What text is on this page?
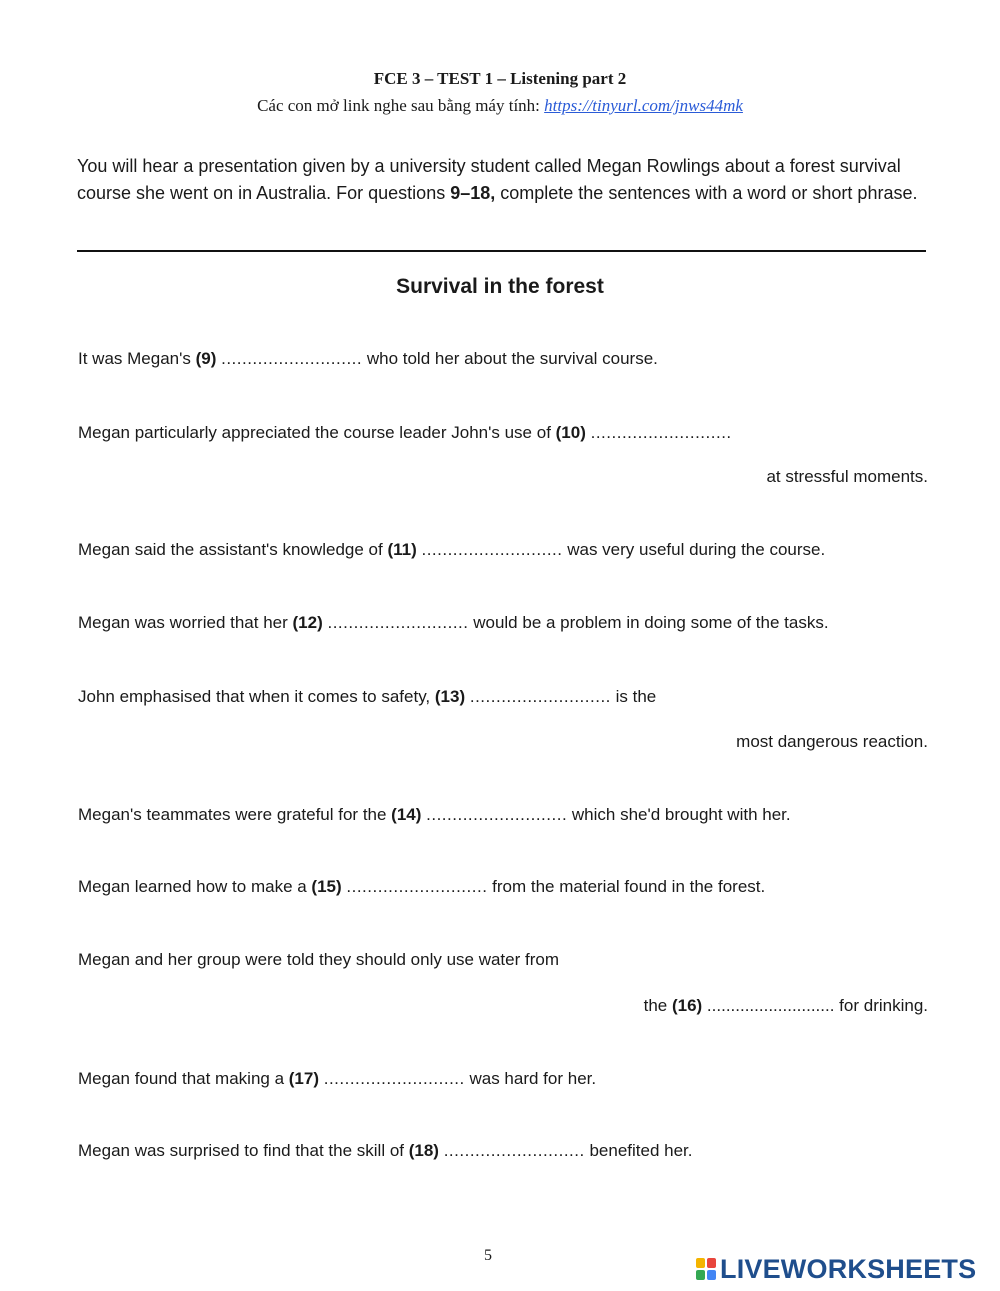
FCE 3 – TEST 1 – Listening part 2
Các con mở link nghe sau bằng máy tính: https://tinyurl.com/jnws44mk
You will hear a presentation given by a university student called Megan Rowlings about a forest survival course she went on in Australia. For questions 9–18, complete the sentences with a word or short phrase.
Survival in the forest
It was Megan's (9) ........................... who told her about the survival course.
Megan particularly appreciated the course leader John's use of (10) ...........................
at stressful moments.
Megan said the assistant's knowledge of (11) ........................... was very useful during the course.
Megan was worried that her (12) ........................... would be a problem in doing some of the tasks.
John emphasised that when it comes to safety, (13) ........................... is the
most dangerous reaction.
Megan's teammates were grateful for the (14) ........................... which she'd brought with her.
Megan learned how to make a (15) ........................... from the material found in the forest.
Megan and her group were told they should only use water from
the (16) ........................... for drinking.
Megan found that making a (17) ........................... was hard for her.
Megan was surprised to find that the skill of (18) ........................... benefited her.
5	LIVEWORKSHEETS
